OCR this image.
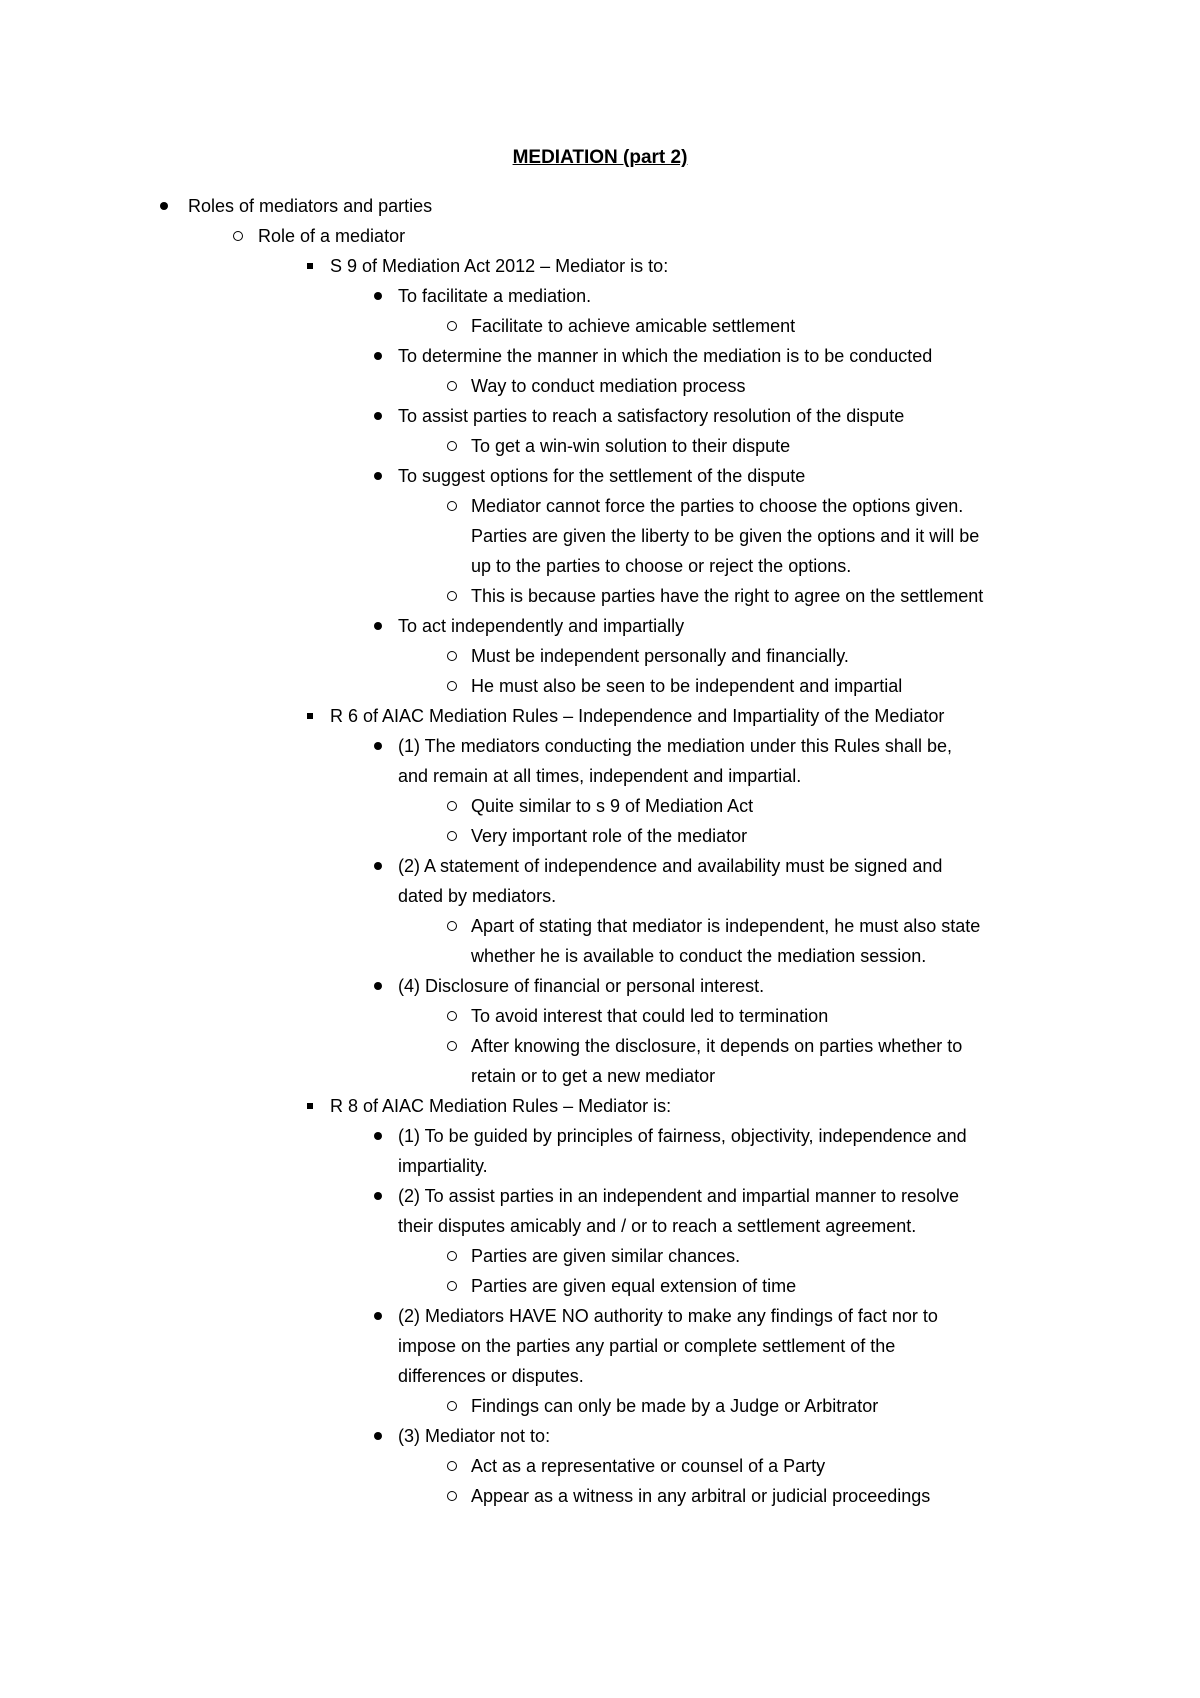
MEDIATION (part 2)
Roles of mediators and parties
Role of a mediator
S 9 of Mediation Act 2012 – Mediator is to:
To facilitate a mediation.
Facilitate to achieve amicable settlement
To determine the manner in which the mediation is to be conducted
Way to conduct mediation process
To assist parties to reach a satisfactory resolution of the dispute
To get a win-win solution to their dispute
To suggest options for the settlement of the dispute
Mediator cannot force the parties to choose the options given.
Parties are given the liberty to be given the options and it will be
up to the parties to choose or reject the options.
This is because parties have the right to agree on the settlement
To act independently and impartially
Must be independent personally and financially.
He must also be seen to be independent and impartial
R 6 of AIAC Mediation Rules – Independence and Impartiality of the Mediator
(1) The mediators conducting the mediation under this Rules shall be,
and remain at all times, independent and impartial.
Quite similar to s 9 of Mediation Act
Very important role of the mediator
(2) A statement of independence and availability must be signed and
dated by mediators.
Apart of stating that mediator is independent, he must also state
whether he is available to conduct the mediation session.
(4) Disclosure of financial or personal interest.
To avoid interest that could led to termination
After knowing the disclosure, it depends on parties whether to
retain or to get a new mediator
R 8 of AIAC Mediation Rules – Mediator is:
(1) To be guided by principles of fairness, objectivity, independence and
impartiality.
(2) To assist parties in an independent and impartial manner to resolve
their disputes amicably and / or to reach a settlement agreement.
Parties are given similar chances.
Parties are given equal extension of time
(2) Mediators HAVE NO authority to make any findings of fact nor to
impose on the parties any partial or complete settlement of the
differences or disputes.
Findings can only be made by a Judge or Arbitrator
(3) Mediator not to:
Act as a representative or counsel of a Party
Appear as a witness in any arbitral or judicial proceedings
